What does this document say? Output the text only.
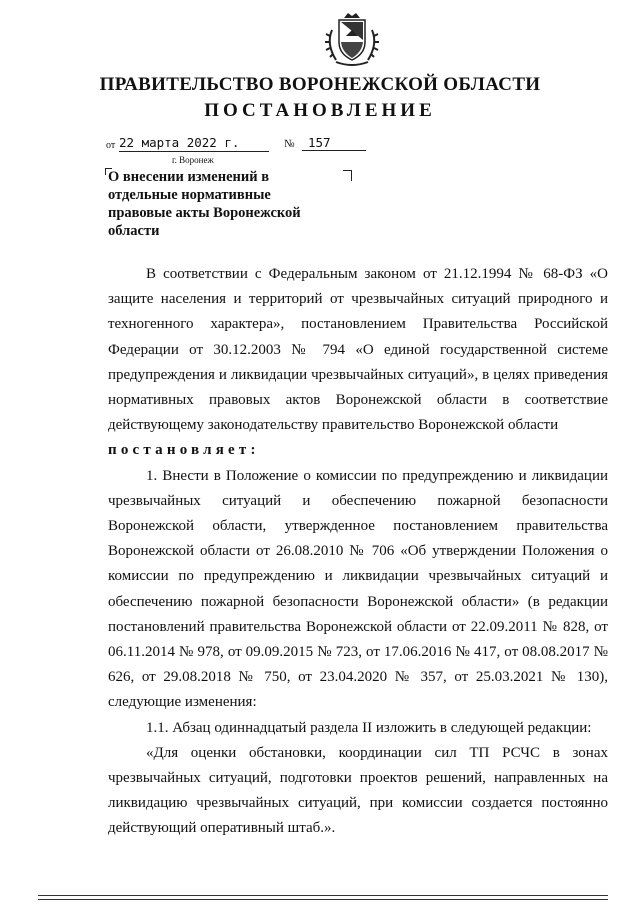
ПРАВИТЕЛЬСТВО ВОРОНЕЖСКОЙ ОБЛАСТИ
ПОСТАНОВЛЕНИЕ
от 22 марта 2022 г.	№	157
г. Воронеж
О внесении изменений в отдельные нормативные правовые акты Воронежской области

В соответствии с Федеральным законом от 21.12.1994 № 68-ФЗ «О защите населения и территорий от чрезвычайных ситуаций природного и техногенного характера», постановлением Правительства Российской Федерации от 30.12.2003 № 794 «О единой государственной системе предупреждения и ликвидации чрезвычайных ситуаций», в целях приведения нормативных правовых актов Воронежской области в соответствие действующему законодательству правительство Воронежской области

постановляет:

1. Внести в Положение о комиссии по предупреждению и ликвидации чрезвычайных ситуаций и обеспечению пожарной безопасности Воронежской области, утвержденное постановлением правительства Воронежской области от 26.08.2010 № 706 «Об утверждении Положения о комиссии по предупреждению и ликвидации чрезвычайных ситуаций и обеспечению пожарной безопасности Воронежской области» (в редакции постановлений правительства Воронежской области от 22.09.2011 № 828, от 06.11.2014 № 978, от 09.09.2015 № 723, от 17.06.2016 № 417, от 08.08.2017 № 626, от 29.08.2018 № 750, от 23.04.2020 № 357, от 25.03.2021 № 130), следующие изменения:

1.1. Абзац одиннадцатый раздела II изложить в следующей редакции:

«Для оценки обстановки, координации сил ТП РСЧС в зонах чрезвычайных ситуаций, подготовки проектов решений, направленных на ликвидацию чрезвычайных ситуаций, при комиссии создается постоянно действующий оперативный штаб.».
